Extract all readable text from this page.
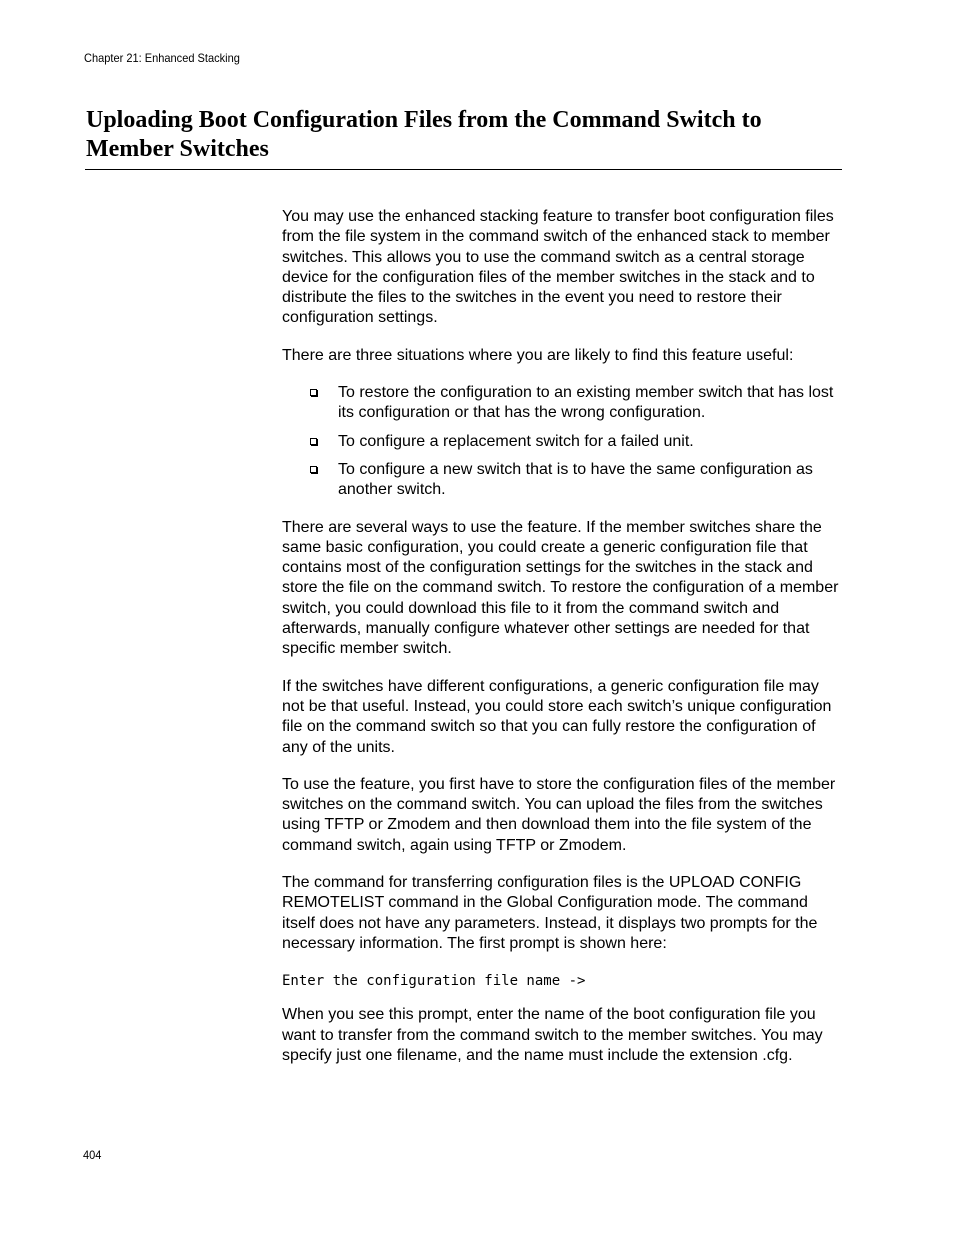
Chapter 21: Enhanced Stacking
Uploading Boot Configuration Files from the Command Switch to Member Switches

You may use the enhanced stacking feature to transfer boot configuration files from the file system in the command switch of the enhanced stack to member switches. This allows you to use the command switch as a central storage device for the configuration files of the member switches in the stack and to distribute the files to the switches in the event you need to restore their configuration settings.

There are three situations where you are likely to find this feature useful:

To restore the configuration to an existing member switch that has lost its configuration or that has the wrong configuration.
To configure a replacement switch for a failed unit.
To configure a new switch that is to have the same configuration as another switch.

There are several ways to use the feature. If the member switches share the same basic configuration, you could create a generic configuration file that contains most of the configuration settings for the switches in the stack and store the file on the command switch. To restore the configuration of a member switch, you could download this file to it from the command switch and afterwards, manually configure whatever other settings are needed for that specific member switch.

If the switches have different configurations, a generic configuration file may not be that useful. Instead, you could store each switch’s unique configuration file on the command switch so that you can fully restore the configuration of any of the units.

To use the feature, you first have to store the configuration files of the member switches on the command switch. You can upload the files from the switches using TFTP or Zmodem and then download them into the file system of the command switch, again using TFTP or Zmodem.

The command for transferring configuration files is the UPLOAD CONFIG REMOTELIST command in the Global Configuration mode. The command itself does not have any parameters. Instead, it displays two prompts for the necessary information. The first prompt is shown here:

Enter the configuration file name ->

When you see this prompt, enter the name of the boot configuration file you want to transfer from the command switch to the member switches. You may specify just one filename, and the name must include the extension .cfg.

404
